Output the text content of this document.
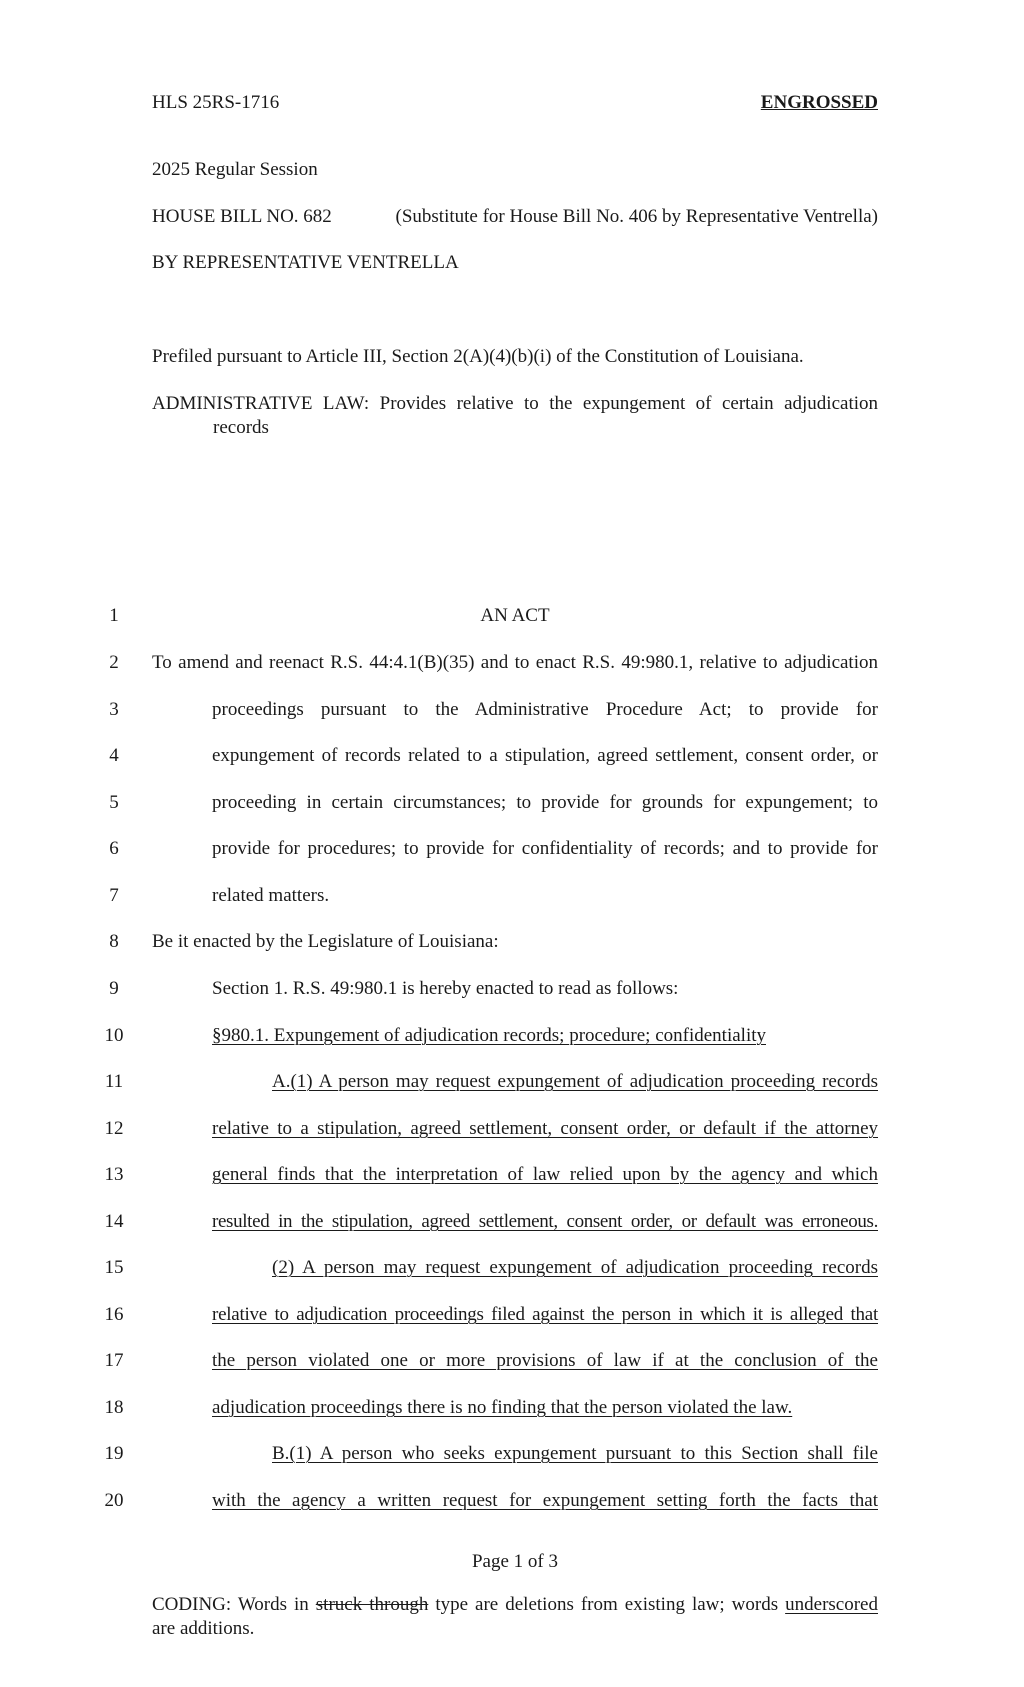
HLS 25RS-1716	ENGROSSED
2025 Regular Session
HOUSE BILL NO. 682	(Substitute for House Bill No. 406 by Representative Ventrella)
BY REPRESENTATIVE VENTRELLA
Prefiled pursuant to Article III, Section 2(A)(4)(b)(i) of the Constitution of Louisiana.
ADMINISTRATIVE LAW: Provides relative to the expungement of certain adjudication
records
1	AN ACT
2	To amend and reenact R.S. 44:4.1(B)(35) and to enact R.S. 49:980.1, relative to adjudication
3	proceedings pursuant to the Administrative Procedure Act; to provide for
4	expungement of records related to a stipulation, agreed settlement, consent order, or
5	proceeding in certain circumstances; to provide for grounds for expungement; to
6	provide for procedures; to provide for confidentiality of records; and to provide for
7	related matters.
8	Be it enacted by the Legislature of Louisiana:
9	Section 1. R.S. 49:980.1 is hereby enacted to read as follows:
10	§980.1. Expungement of adjudication records; procedure; confidentiality
11	A.(1) A person may request expungement of adjudication proceeding records
12	relative to a stipulation, agreed settlement, consent order, or default if the attorney
13	general finds that the interpretation of law relied upon by the agency and which
14	resulted in the stipulation, agreed settlement, consent order, or default was erroneous.
15	(2) A person may request expungement of adjudication proceeding records
16	relative to adjudication proceedings filed against the person in which it is alleged that
17	the person violated one or more provisions of law if at the conclusion of the
18	adjudication proceedings there is no finding that the person violated the law.
19	B.(1) A person who seeks expungement pursuant to this Section shall file
20	with the agency a written request for expungement setting forth the facts that
Page 1 of 3
CODING: Words in struck through type are deletions from existing law; words underscored
are additions.
